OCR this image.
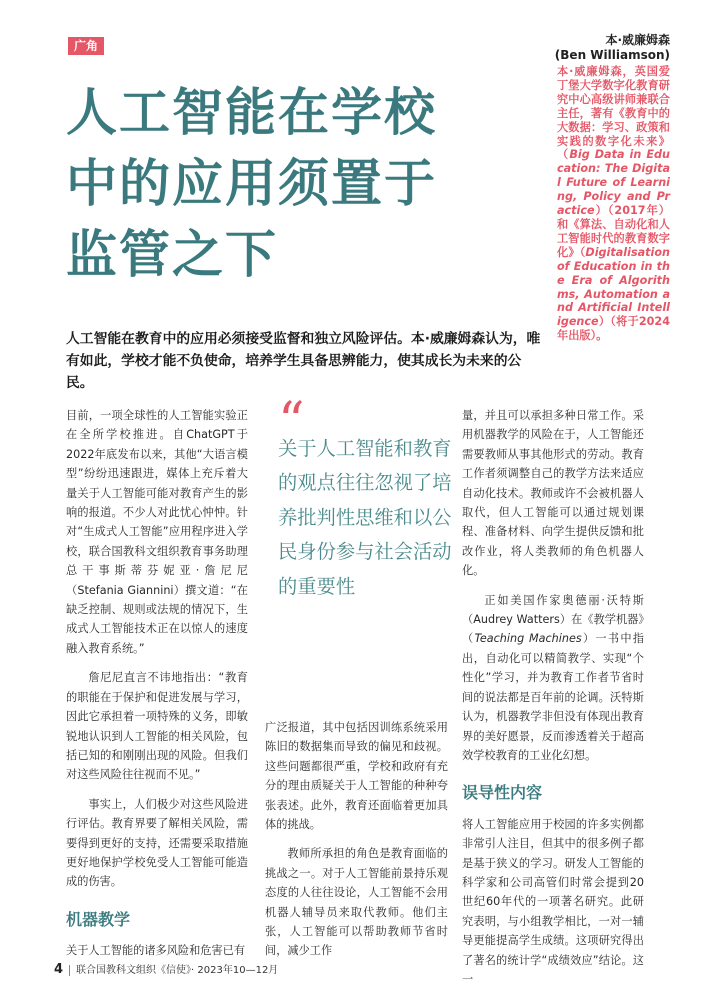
广角
人工智能在学校
中的应用须置于
监管之下
本·威廉姆森
(Ben Williamson)
本·威廉姆森，英国爱丁堡大学数字化教育研究中心高级讲师兼联合主任，著有《教育中的大数据：学习、政策和实践的数字化未来》（Big Data in Education: The Digital Future of Learning, Policy and Practice）（2017年）和《算法、自动化和人工智能时代的教育数字化》（Digitalisation of Education in the Era of Algorithms, Automation and Artificial Intelligence）（将于2024年出版）。
人工智能在教育中的应用必须接受监督和独立风险评估。本·威廉姆森认为，唯有如此，学校才能不负使命，培养学生具备思辨能力，使其成长为未来的公民。

目前，一项全球性的人工智能实验正在全所学校推进。自ChatGPT于2022年底发布以来，其他“大语言模型”纷纷迅速跟进，媒体上充斥着大量关于人工智能可能对教育产生的影响的报道。不少人对此忧心忡忡。针对“生成式人工智能”应用程序进入学校，联合国教科文组织教育事务助理总干事斯蒂芬妮亚·詹尼尼（Stefania Giannini）撰文道：“在缺乏控制、规则或法规的情况下，生成式人工智能技术正在以惊人的速度融入教育系统。”

詹尼尼直言不讳地指出：“教育的职能在于保护和促进发展与学习，因此它承担着一项特殊的义务，即敏锐地认识到人工智能的相关风险，包括已知的和刚刚出现的风险。但我们对这些风险往往视而不见。”

事实上，人们极少对这些风险进行评估。教育界要了解相关风险，需要得到更好的支持，还需要采取措施更好地保护学校免受人工智能可能造成的伤害。

机器教学

关于人工智能的诸多风险和危害已有

“
关于人工智能和教育的观点往往忽视了培养批判性思维和以公民身份参与社会活动的重要性

广泛报道，其中包括因训练系统采用陈旧的数据集而导致的偏见和歧视。这些问题都很严重，学校和政府有充分的理由质疑关于人工智能的种种夸张表述。此外，教育还面临着更加具体的挑战。

教师所承担的角色是教育面临的挑战之一。对于人工智能前景持乐观态度的人往往设论，人工智能不会用机器人辅导员来取代教师。他们主张，人工智能可以帮助教师节省时间，减少工作

量，并且可以承担多种日常工作。采用机器教学的风险在于，人工智能还需要教师从事其他形式的劳动。教育工作者须调整自己的教学方法来适应自动化技术。教师或许不会被机器人取代，但人工智能可以通过规划课程、准备材料、向学生提供反馈和批改作业，将人类教师的角色机器人化。

正如美国作家奥德丽·沃特斯（Audrey Watters）在《教学机器》（Teaching Machines）一书中指出，自动化可以精简教学、实现“个性化”学习，并为教育工作者节省时间的说法都是百年前的论调。沃特斯认为，机器教学非但没有体现出教育界的美好愿景，反而渗透着关于超高效学校教育的工业化幻想。

误导性内容

将人工智能应用于校园的许多实例都非常引人注目，但其中的很多例子都是基于狭义的学习。研发人工智能的科学家和公司高管们时常会提到20世纪60年代的一项著名研究。此研究表明，与小组教学相比，一对一辅导更能提高学生成绩。这项研究得出了著名的统计学“成绩效应”结论。这一

4 联合国教科文组织《信使》· 2023年10—12月
